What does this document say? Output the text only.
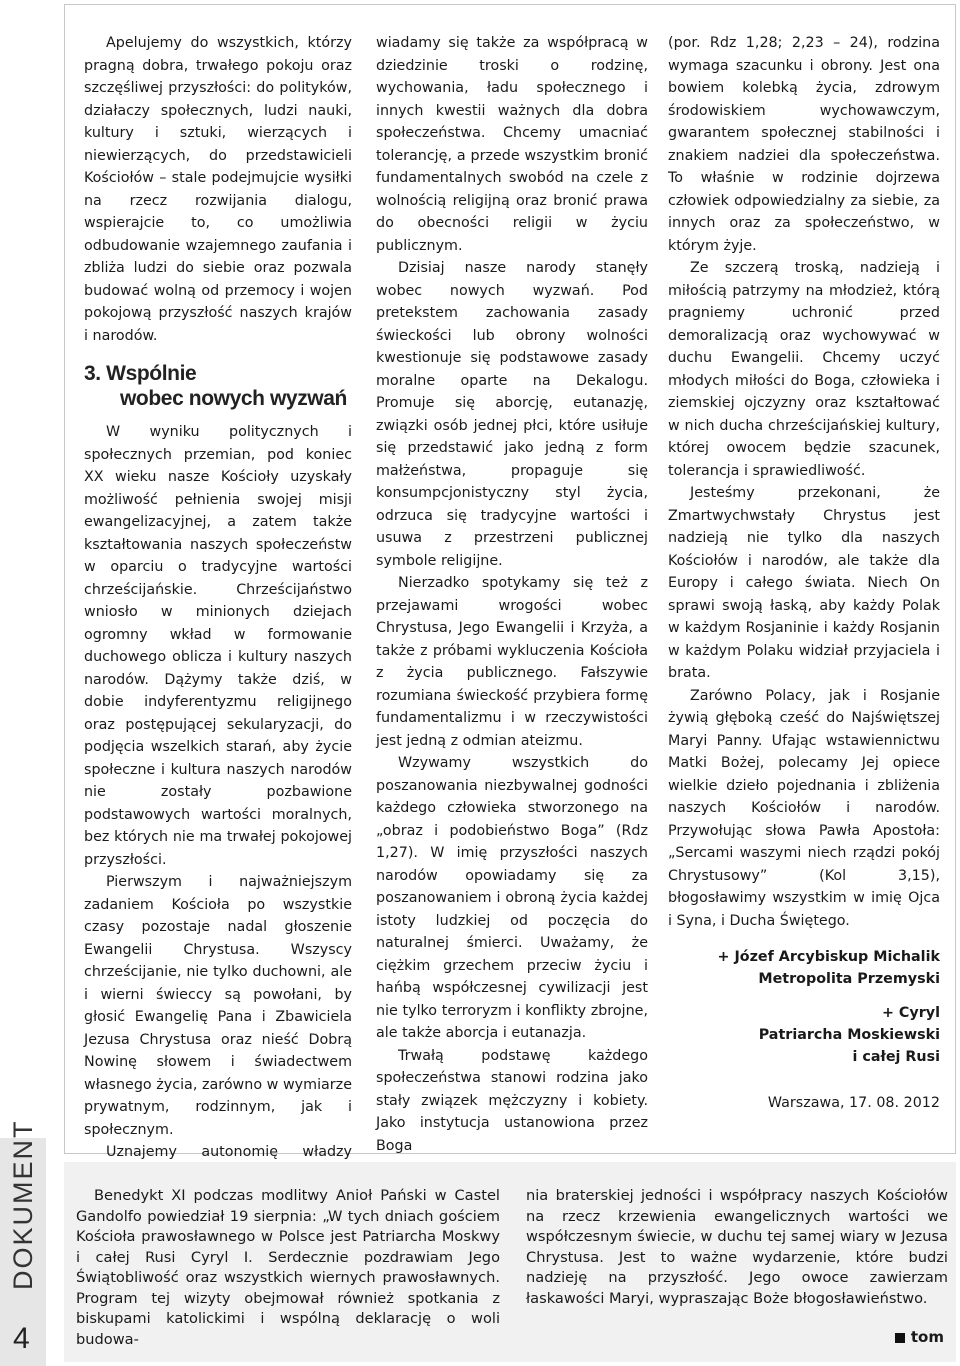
Apelujemy do wszystkich, którzy pragną dobra, trwałego pokoju oraz szczęśliwej przyszłości: do polityków, działaczy społecznych, ludzi nauki, kultury i sztuki, wierzących i niewierzących, do przedstawicieli Kościołów – stale podejmujcie wysiłki na rzecz rozwijania dialogu, wspierajcie to, co umożliwia odbudowanie wzajemnego zaufania i zbliża ludzi do siebie oraz pozwala budować wolną od przemocy i wojen pokojową przyszłość naszych krajów i narodów.

3. Wspólnie
wobec nowych wyzwań

W wyniku politycznych i społecznych przemian, pod koniec XX wieku nasze Kościoły uzyskały możliwość pełnienia swojej misji ewangelizacyjnej, a zatem także kształtowania naszych społeczeństw w oparciu o tradycyjne wartości chrześcijańskie. Chrześcijaństwo wniosło w minionych dziejach ogromny wkład w formowanie duchowego oblicza i kultury naszych narodów. Dążymy także dziś, w dobie indyferentyzmu religijnego oraz postępującej sekularyzacji, do podjęcia wszelkich starań, aby życie społeczne i kultura naszych narodów nie zostały pozbawione podstawowych wartości moralnych, bez których nie ma trwałej pokojowej przyszłości.

Pierwszym i najważniejszym zadaniem Kościoła po wszystkie czasy pozostaje nadal głoszenie Ewangelii Chrystusa. Wszyscy chrześcijanie, nie tylko duchowni, ale i wierni świeccy są powołani, by głosić Ewangelię Pana i Zbawiciela Jezusa Chrystusa oraz nieść Dobrą Nowinę słowem i świadectwem własnego życia, zarówno w wymiarze prywatnym, rodzinnym, jak i społecznym.

Uznajemy autonomię władzy

wiadamy się także za współpracą w dziedzinie troski o rodzinę, wychowania, ładu społecznego i innych kwestii ważnych dla dobra społeczeństwa. Chcemy umacniać tolerancję, a przede wszystkim bronić fundamentalnych swobód na czele z wolnością religijną oraz bronić prawa do obecności religii w życiu publicznym.

Dzisiaj nasze narody stanęły wobec nowych wyzwań. Pod pretekstem zachowania zasady świeckości lub obrony wolności kwestionuje się podstawowe zasady moralne oparte na Dekalogu. Promuje się aborcję, eutanazję, związki osób jednej płci, które usiłuje się przedstawić jako jedną z form małżeństwa, propaguje się konsumpcjonistyczny styl życia, odrzuca się tradycyjne wartości i usuwa z przestrzeni publicznej symbole religijne.

Nierzadko spotykamy się też z przejawami wrogości wobec Chrystusa, Jego Ewangelii i Krzyża, a także z próbami wykluczenia Kościoła z życia publicznego. Fałszywie rozumiana świeckość przybiera formę fundamentalizmu i w rzeczywistości jest jedną z odmian ateizmu.

Wzywamy wszystkich do poszanowania niezbywalnej godności każdego człowieka stworzonego na „obraz i podobieństwo Boga” (Rdz 1,27). W imię przyszłości naszych narodów opowiadamy się za poszanowaniem i obroną życia każdej istoty ludzkiej od poczęcia do naturalnej śmierci. Uważamy, że ciężkim grzechem przeciw życiu i hańbą współczesnej cywilizacji jest nie tylko terroryzm i konflikty zbrojne, ale także aborcja i eutanazja.

Trwałą podstawę każdego społeczeństwa stanowi rodzina jako stały związek mężczyzny i kobiety. Jako instytucja ustanowiona przez Boga

(por. Rdz 1,28; 2,23 – 24), rodzina wymaga szacunku i obrony. Jest ona bowiem kolebką życia, zdrowym środowiskiem wychowawczym, gwarantem społecznej stabilności i znakiem nadziei dla społeczeństwa. To właśnie w rodzinie dojrzewa człowiek odpowiedzialny za siebie, za innych oraz za społeczeństwo, w którym żyje.

Ze szczerą troską, nadzieją i miłością patrzymy na młodzież, którą pragniemy uchronić przed demoralizacją oraz wychowywać w duchu Ewangelii. Chcemy uczyć młodych miłości do Boga, człowieka i ziemskiej ojczyzny oraz kształtować w nich ducha chrześcijańskiej kultury, której owocem będzie szacunek, tolerancja i sprawiedliwość.

Jesteśmy przekonani, że Zmartwychwstały Chrystus jest nadzieją nie tylko dla naszych Kościołów i narodów, ale także dla Europy i całego świata. Niech On sprawi swoją łaską, aby każdy Polak w każdym Rosjaninie i każdy Rosjanin w każdym Polaku widział przyjaciela i brata.

Zarówno Polacy, jak i Rosjanie żywią głęboką cześć do Najświętszej Maryi Panny. Ufając wstawiennictwu Matki Bożej, polecamy Jej opiece wielkie dzieło pojednania i zbliżenia naszych Kościołów i narodów. Przywołując słowa Pawła Apostoła: „Sercami waszymi niech rządzi pokój Chrystusowy” (Kol 3,15), błogosławimy wszystkim w imię Ojca i Syna, i Ducha Świętego.

+ Józef Arcybiskup Michalik
Metropolita Przemyski
+ Cyryl
Patriarcha Moskiewski
i całej Rusi
Warszawa, 17. 08. 2012
DOKUMENT
4

Benedykt XI podczas modlitwy Anioł Pański w Castel Gandolfo powiedział 19 sierpnia: „W tych dniach gościem Kościoła prawosławnego w Polsce jest Patriarcha Moskwy i całej Rusi Cyryl I. Serdecznie pozdrawiam Jego Świątobliwość oraz wszystkich wiernych prawosławnych. Program tej wizyty obejmował również spotkania z biskupami katolickimi i wspólną deklarację o woli budowa-

nia braterskiej jedności i współpracy naszych Kościołów na rzecz krzewienia ewangelicznych wartości we współczesnym świecie, w duchu tej samej wiary w Jezusa Chrystusa. Jest to ważne wydarzenie, które budzi nadzieję na przyszłość. Jego owoce zawierzam łaskawości Maryi, wypraszając Boże błogosławieństwo.

tom
